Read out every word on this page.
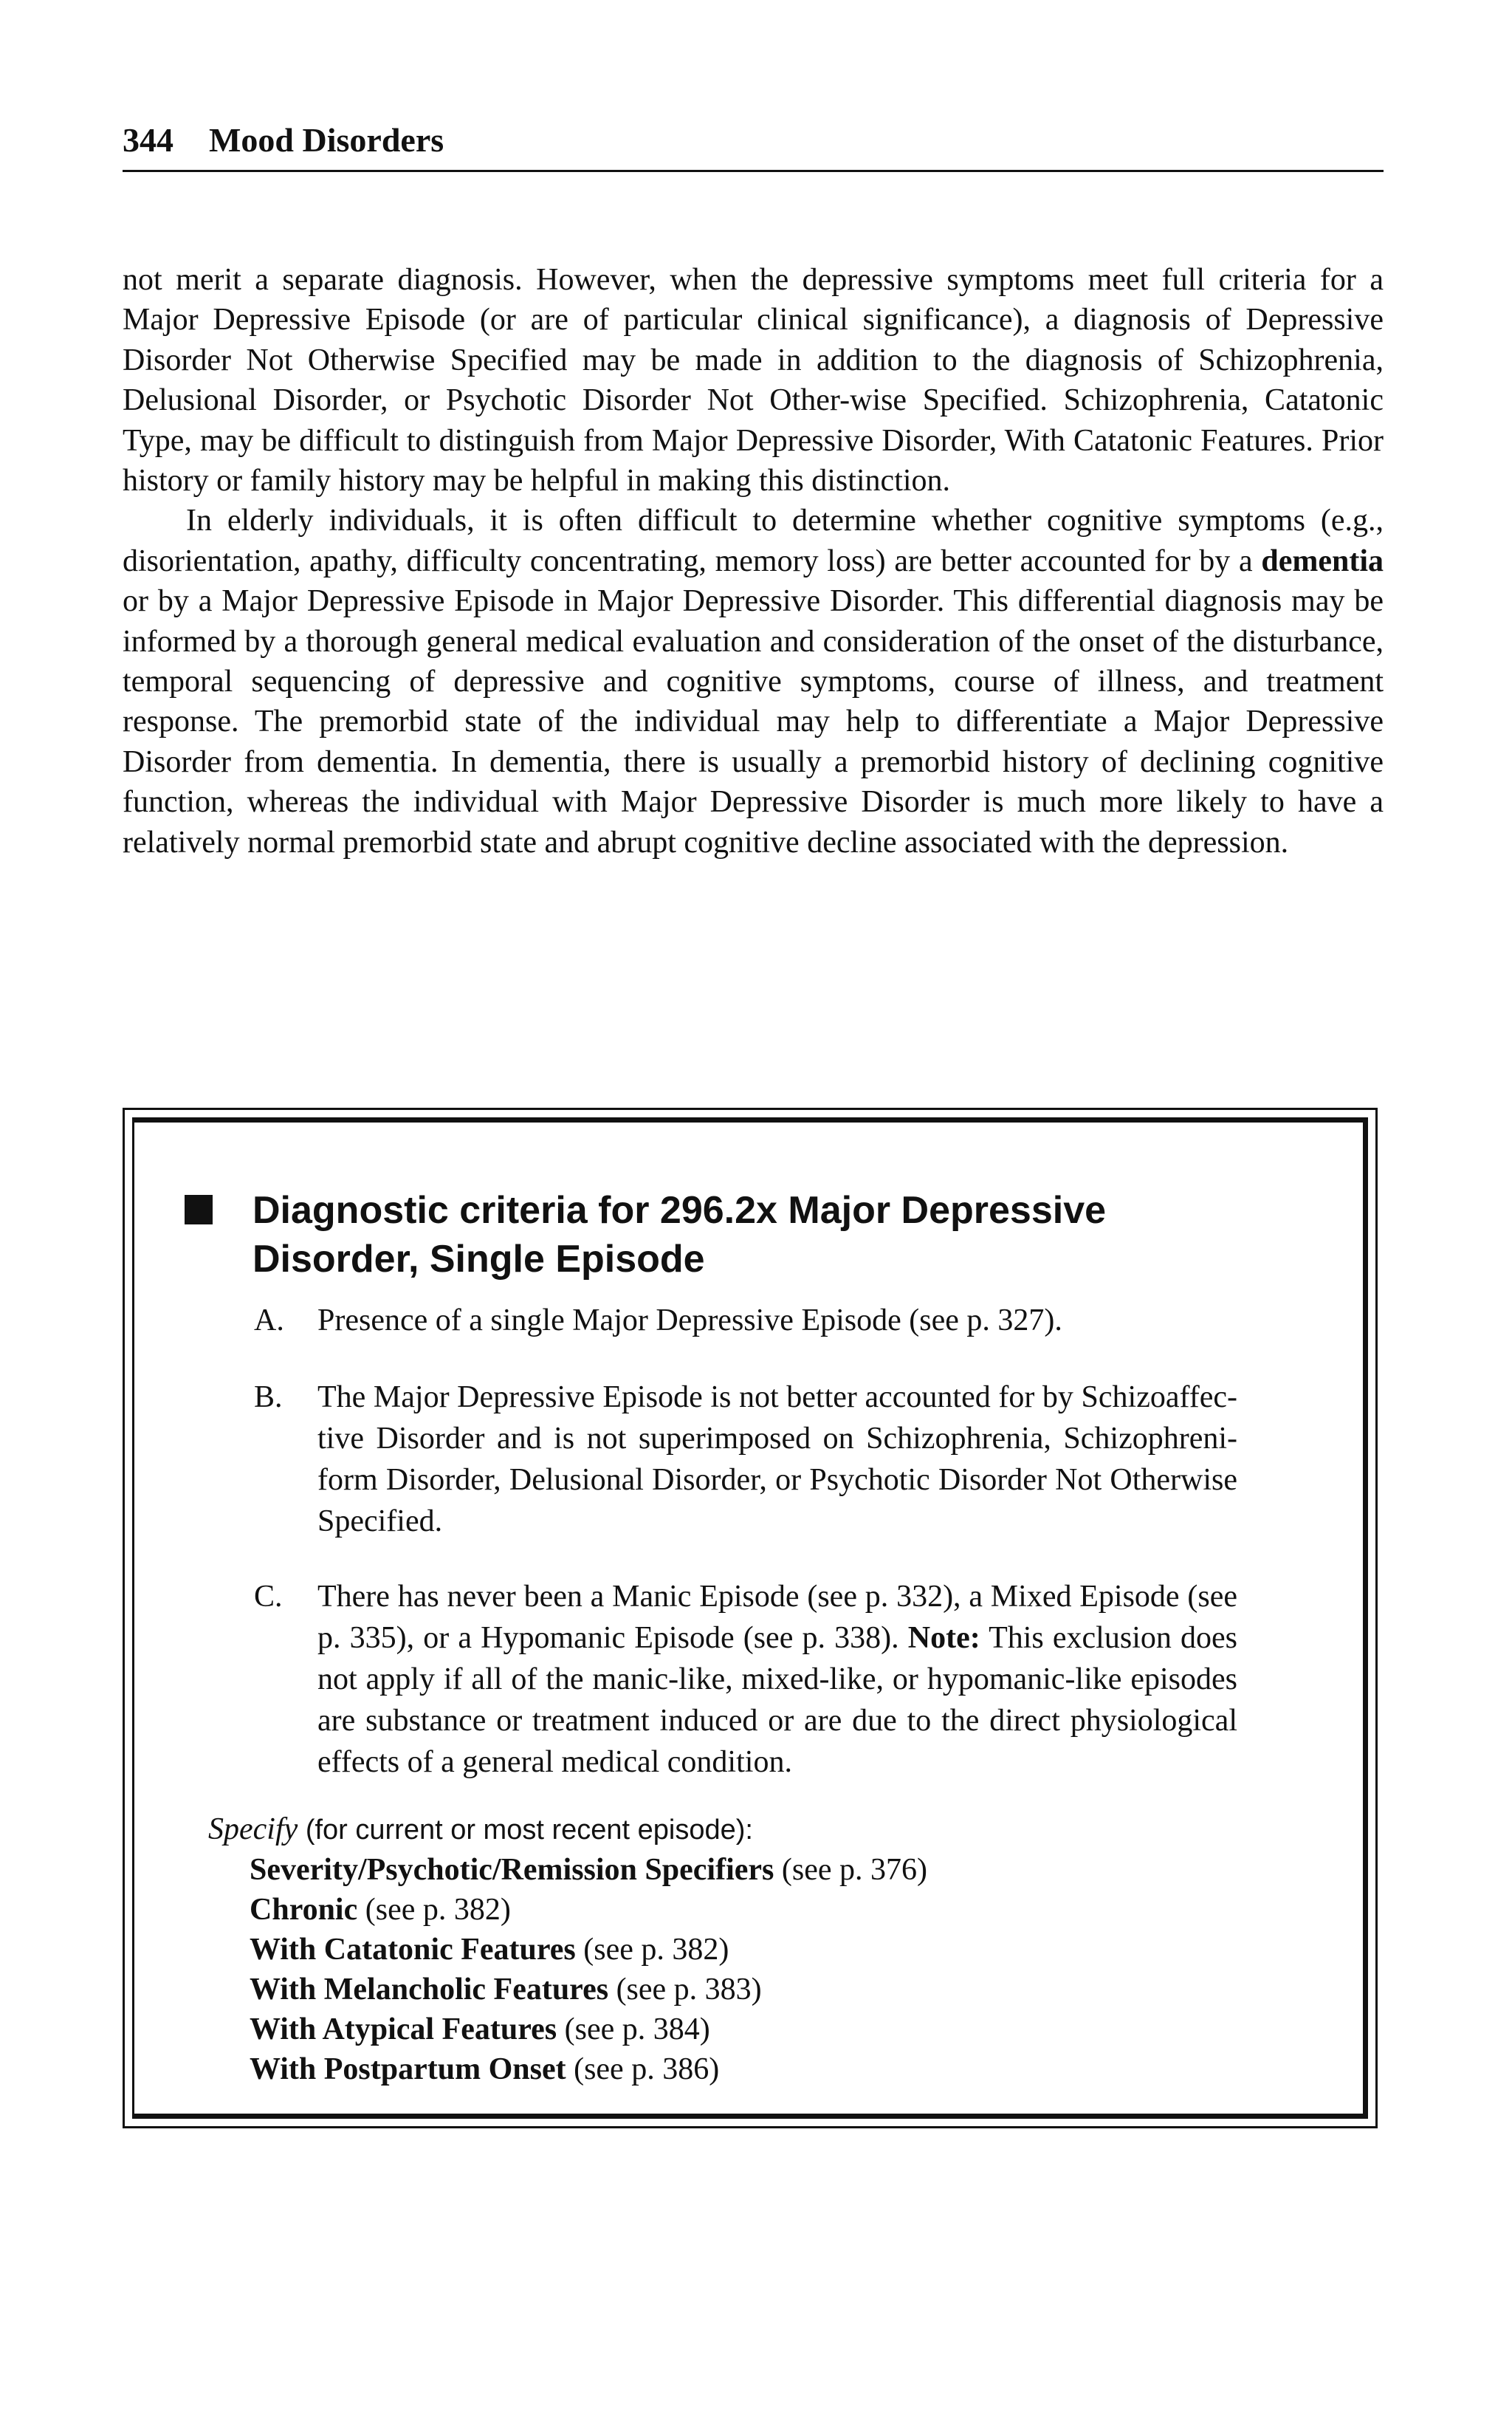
344 Mood Disorders

not merit a separate diagnosis. However, when the depressive symptoms meet full criteria for a Major Depressive Episode (or are of particular clinical significance), a diagnosis of Depressive Disorder Not Otherwise Specified may be made in addition to the diagnosis of Schizophrenia, Delusional Disorder, or Psychotic Disorder Not Other-wise Specified. Schizophrenia, Catatonic Type, may be difficult to distinguish from Major Depressive Disorder, With Catatonic Features. Prior history or family history may be helpful in making this distinction.

In elderly individuals, it is often difficult to determine whether cognitive symptoms (e.g., disorientation, apathy, difficulty concentrating, memory loss) are better accounted for by a dementia or by a Major Depressive Episode in Major Depressive Disorder. This differential diagnosis may be informed by a thorough general medical evaluation and consideration of the onset of the disturbance, temporal sequencing of depressive and cognitive symptoms, course of illness, and treatment response. The premorbid state of the individual may help to differentiate a Major Depressive Disorder from dementia. In dementia, there is usually a premorbid history of declining cognitive function, whereas the individual with Major Depressive Disorder is much more likely to have a relatively normal premorbid state and abrupt cognitive decline associated with the depression.

Diagnostic criteria for 296.2x Major Depressive Disorder, Single Episode
A. Presence of a single Major Depressive Episode (see p. 327).
B. The Major Depressive Episode is not better accounted for by Schizoaffec-tive Disorder and is not superimposed on Schizophrenia, Schizophreni-form Disorder, Delusional Disorder, or Psychotic Disorder Not Otherwise Specified.
C. There has never been a Manic Episode (see p. 332), a Mixed Episode (see p. 335), or a Hypomanic Episode (see p. 338). Note: This exclusion does not apply if all of the manic-like, mixed-like, or hypomanic-like episodes are substance or treatment induced or are due to the direct physiological effects of a general medical condition.
Specify (for current or most recent episode):
Severity/Psychotic/Remission Specifiers (see p. 376)
Chronic (see p. 382)
With Catatonic Features (see p. 382)
With Melancholic Features (see p. 383)
With Atypical Features (see p. 384)
With Postpartum Onset (see p. 386)
